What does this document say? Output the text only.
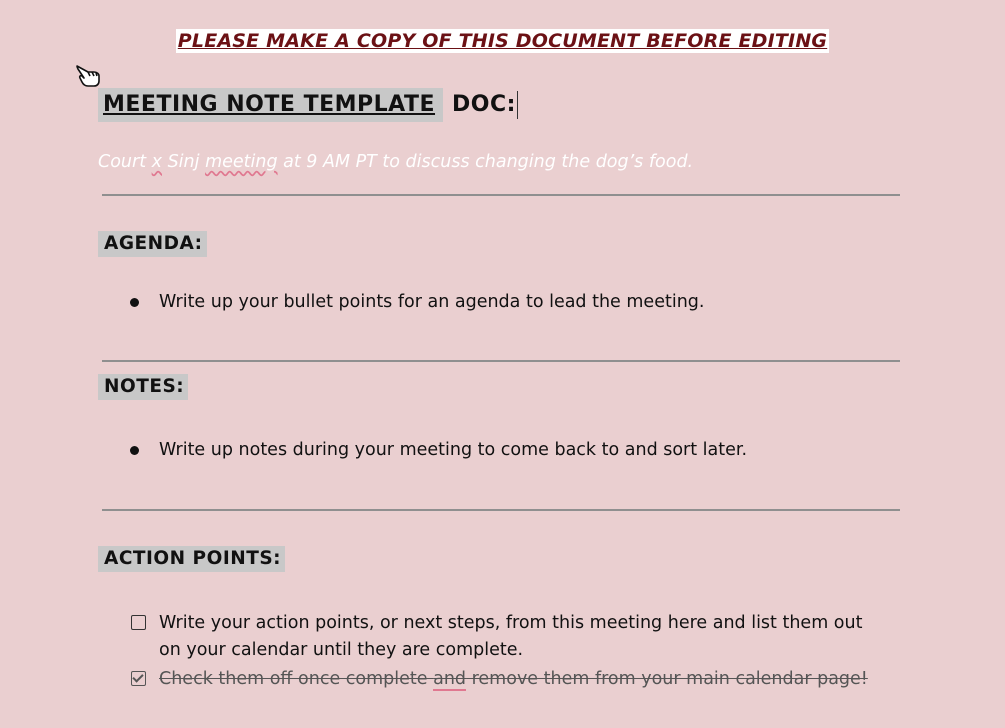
PLEASE MAKE A COPY OF THIS DOCUMENT BEFORE EDITING
MEETING NOTE TEMPLATE DOC:
Court x Sinj meeting at 9 AM PT to discuss changing the dog’s food.
AGENDA:
Write up your bullet points for an agenda to lead the meeting.
NOTES:
Write up notes during your meeting to come back to and sort later.
ACTION POINTS:
Write your action points, or next steps, from this meeting here and list them out
on your calendar until they are complete.
Check them off once complete and remove them from your main calendar page!
